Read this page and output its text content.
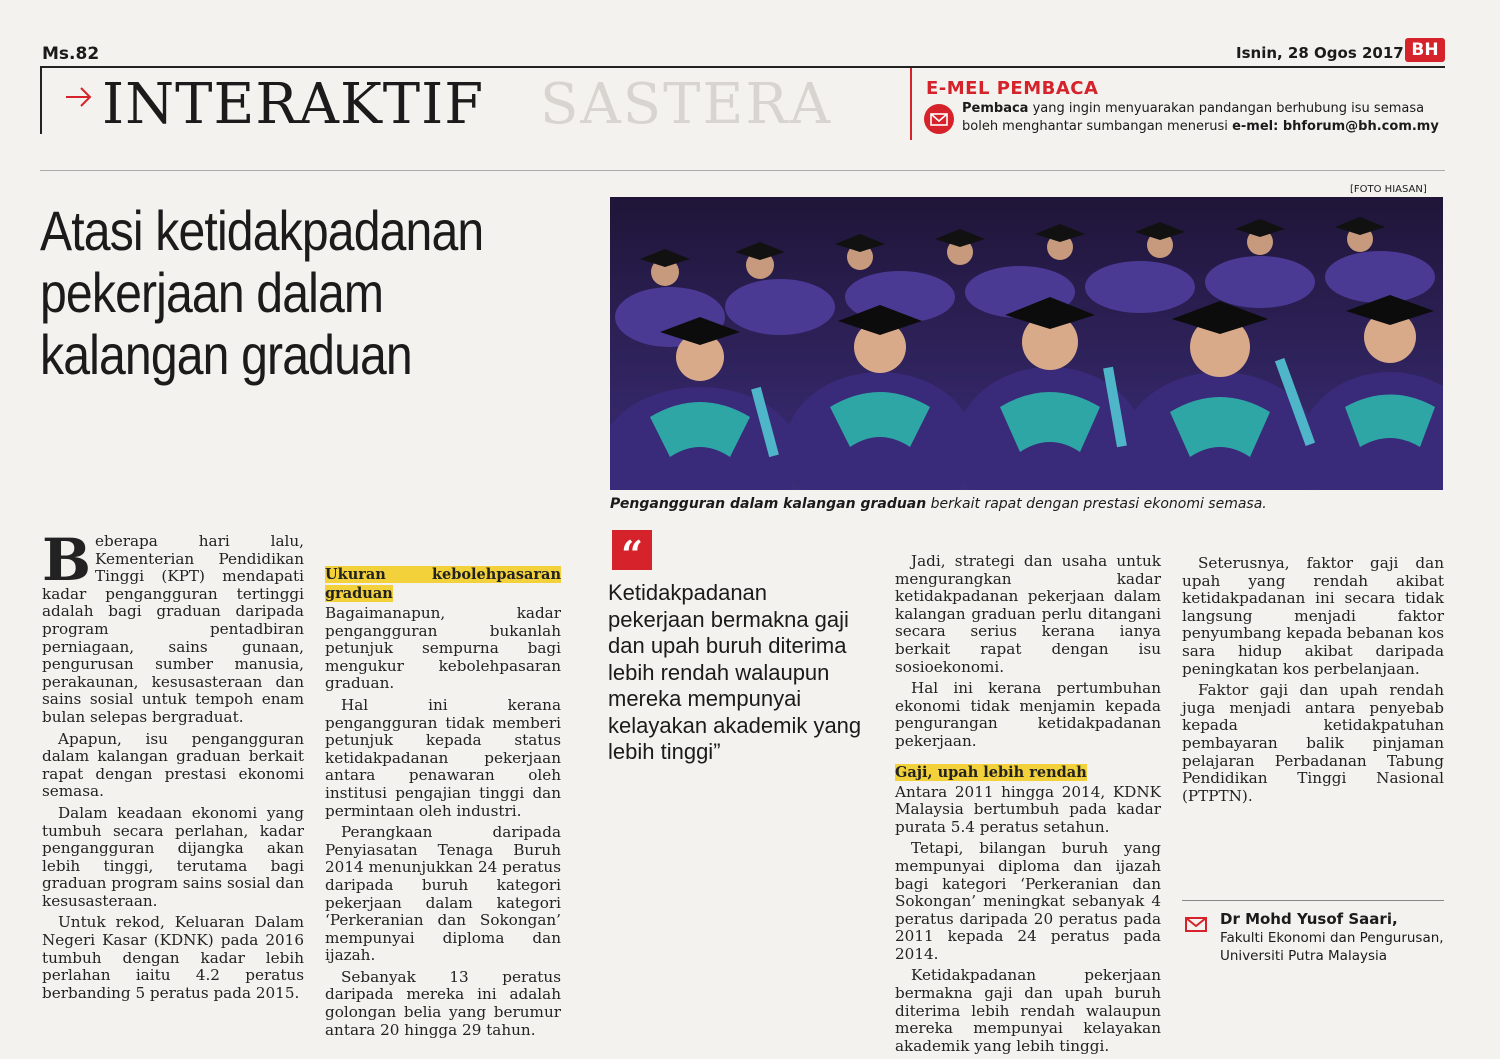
Ms.82	Isnin, 28 Ogos 2017 BH
INTERAKTIF SASTERA	E-MEL PEMBACA
Pembaca yang ingin menyuarakan pandangan berhubung isu semasa boleh menghantar sumbangan menerusi e-mel: bhforum@bh.com.my
Atasi ketidakpadanan pekerjaan dalam kalangan graduan
[FOTO HIASAN]
Pengangguran dalam kalangan graduan berkait rapat dengan prestasi ekonomi semasa.

Beberapa hari lalu, Kementerian Pendidikan Tinggi (KPT) mendapati kadar pengangguran tertinggi adalah bagi graduan daripada program pentadbiran perniagaan, sains gunaan, pengurusan sumber manusia, perakaunan, kesusasteraan dan sains sosial untuk tempoh enam bulan selepas bergraduat.

Apapun, isu pengangguran dalam kalangan graduan berkait rapat dengan prestasi ekonomi semasa.

Dalam keadaan ekonomi yang tumbuh secara perlahan, kadar pengangguran dijangka akan lebih tinggi, terutama bagi graduan program sains sosial dan kesusasteraan.

Untuk rekod, Keluaran Dalam Negeri Kasar (KDNK) pada 2016 tumbuh dengan kadar lebih perlahan iaitu 4.2 peratus berbanding 5 peratus pada 2015.

Ukuran kebolehpasaran graduan

Bagaimanapun, kadar pengangguran bukanlah petunjuk sempurna bagi mengukur kebolehpasaran graduan.

Hal ini kerana pengangguran tidak memberi petunjuk kepada status ketidakpadanan pekerjaan antara penawaran oleh institusi pengajian tinggi dan permintaan oleh industri.

Perangkaan daripada Penyiasatan Tenaga Buruh 2014 menunjukkan 24 peratus daripada buruh kategori pekerjaan dalam kategori ‘Perkeranian dan Sokongan’ mempunyai diploma dan ijazah.

Sebanyak 13 peratus daripada mereka ini adalah golongan belia yang berumur antara 20 hingga 29 tahun.

“
Ketidakpadanan pekerjaan bermakna gaji dan upah buruh diterima lebih rendah walaupun mereka mempunyai kelayakan akademik yang lebih tinggi”

Jadi, strategi dan usaha untuk mengurangkan kadar ketidakpadanan pekerjaan dalam kalangan graduan perlu ditangani secara serius kerana ianya berkait rapat dengan isu sosioekonomi.

Hal ini kerana pertumbuhan ekonomi tidak menjamin kepada pengurangan ketidakpadanan pekerjaan.

Gaji, upah lebih rendah

Antara 2011 hingga 2014, KDNK Malaysia bertumbuh pada kadar purata 5.4 peratus setahun.

Tetapi, bilangan buruh yang mempunyai diploma dan ijazah bagi kategori ‘Perkeranian dan Sokongan’ meningkat sebanyak 4 peratus daripada 20 peratus pada 2011 kepada 24 peratus pada 2014.

Ketidakpadanan pekerjaan bermakna gaji dan upah buruh diterima lebih rendah walaupun mereka mempunyai kelayakan akademik yang lebih tinggi.

Seterusnya, faktor gaji dan upah yang rendah akibat ketidakpadanan ini secara tidak langsung menjadi faktor penyumbang kepada bebanan kos sara hidup akibat daripada peningkatan kos perbelanjaan.

Faktor gaji dan upah rendah juga menjadi antara penyebab kepada ketidakpatuhan pembayaran balik pinjaman pelajaran Perbadanan Tabung Pendidikan Tinggi Nasional (PTPTN).

Dr Mohd Yusof Saari,
Fakulti Ekonomi dan Pengurusan, Universiti Putra Malaysia
